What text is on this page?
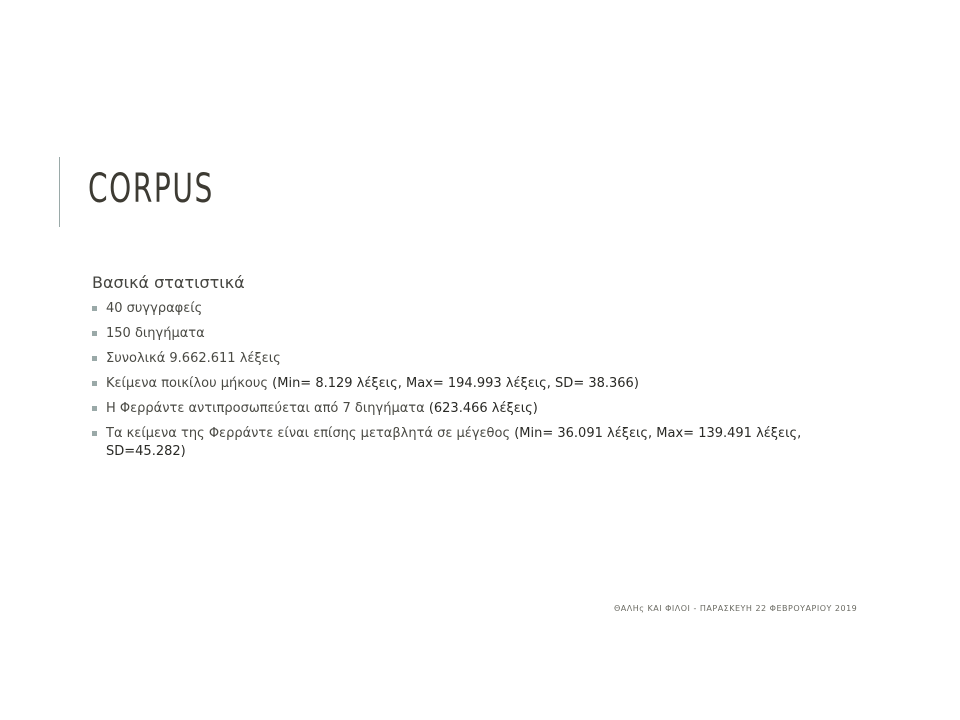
CORPUS
Βασικά στατιστικά
40 συγγραφείς
150 διηγήματα
Συνολικά 9.662.611 λέξεις
Κείμενα ποικίλου μήκους (Min= 8.129 λέξεις, Max= 194.993 λέξεις, SD= 38.366)
Η Φερράντε αντιπροσωπεύεται από 7 διηγήματα (623.466 λέξεις)
Τα κείμενα της Φερράντε είναι επίσης μεταβλητά σε μέγεθος (Min= 36.091 λέξεις, Max= 139.491 λέξεις, SD=45.282)
ΘΑΛΗς ΚΑΙ ΦΙΛΟΙ - ΠΑΡΑΣΚΕΥΗ 22 ΦΕΒΡΟΥΑΡΙΟΥ 2019
